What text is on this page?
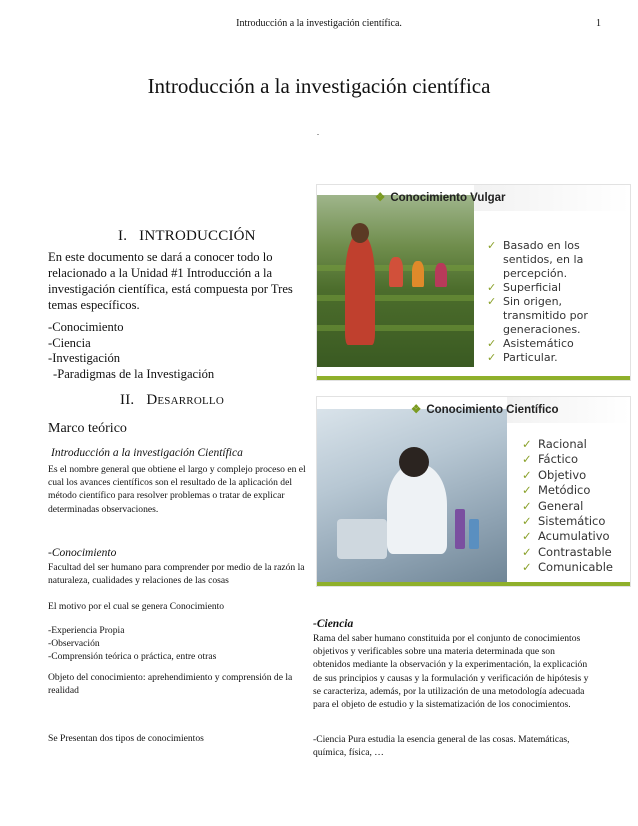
Introducción a la investigación científica.	1
Introducción a la investigación científica
.
I. INTRODUCCIÓN
En este documento se dará a conocer todo lo relacionado a la Unidad #1 Introducción a la investigación científica, está compuesta por Tres temas específicos.
-Conocimiento
-Ciencia
-Investigación
-Paradigmas de la Investigación
II. DESARROLLO
Marco teórico
Introducción a la investigación Científica
Es el nombre general que obtiene el largo y complejo proceso en el cual los avances científicos son el resultado de la aplicación del método científico para resolver problemas o tratar de explicar determinadas observaciones.
-Conocimiento
Facultad del ser humano para comprender por medio de la razón la naturaleza, cualidades y relaciones de las cosas
El motivo por el cual se genera Conocimiento
-Experiencia Propia
-Observación
-Comprensión teórica o práctica, entre otras
Objeto del conocimiento: aprehendimiento y comprensión de la realidad
Se Presentan dos tipos de conocimientos
-Ciencia
Rama del saber humano constituida por el conjunto de conocimientos objetivos y verificables sobre una materia determinada que son obtenidos mediante la observación y la experimentación, la explicación de sus principios y causas y la formulación y verificación de hipótesis y se caracteriza, además, por la utilización de una metodología adecuada para el objeto de estudio y la sistematización de los conocimientos.
-Ciencia Pura estudia la esencia general de las cosas. Matemáticas, química, física, …
❖ Conocimiento Vulgar
✓ Basado en los sentidos, en la percepción.
✓ Superficial
✓ Sin origen, transmitido por generaciones.
✓ Asistemático
✓ Particular.
❖ Conocimiento Científico
✓ Racional
✓ Fáctico
✓ Objetivo
✓ Metódico
✓ General
✓ Sistemático
✓ Acumulativo
✓ Contrastable
✓ Comunicable
